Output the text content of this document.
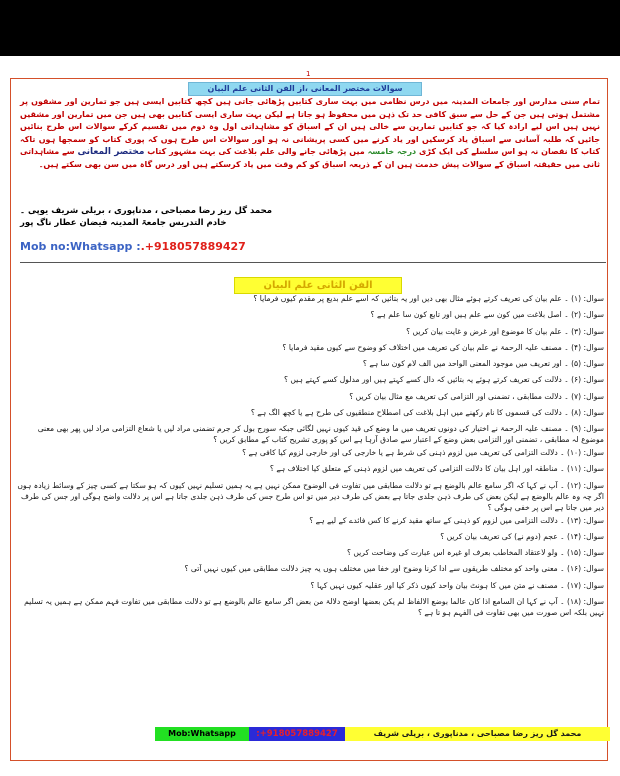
1
سوالات مختصر المعانی ،از الفن الثانی علم البیان
تمام سنی مدارس اور جامعات المدینہ میں درس نظامی میں بہت ساری کتابیں پڑھائی جاتی ہیں کچھ کتابیں ایسی ہیں جو تمارین اور مشقوں پر مشتمل ہوتی ہیں جن کے حل سے سبق کافی حد تک ذہن میں محفوظ ہو جاتا ہے لیکن بہت ساری ایسی کتابیں بھی ہیں جن میں تمارین اور مشقیں نہیں ہیں اس لیے ارادہ کیا کہ جو کتابیں تمارین سے خالی ہیں ان کے اسباق کو مشاہداتی اول وہ دوم میں تقسیم کرکے سوالات اس طرح بنائیں جائیں کہ طلبہ آسانی سے اسباق یاد کرسکیں اور یاد کرنے میں کسی پریشانی نہ ہو اور سوالات اس طرح ہوں کہ پوری کتاب کو سمجھا ہوں تاکہ کتاب کا نقصان نہ ہو اس سلسلے کی ایک کڑی درجہ خامسہ میں پڑھائی جانے والی علم بلاغت کی بہت مشہور کتاب مختصر المعانی سے مشاہداتی ثانی میں حقیقتہ اسباق کے سوالات پیش خدمت ہیں ان کے ذریعہ اسباق کو کم وقت میں یاد کرسکتے ہیں اور درس گاہ میں سن بھی سکتے ہیں۔
محمد گل ریز رضا مصباحی ، مدناپوری ، بریلی شریف یوپی ۔
خادم التدریس جامعۃ المدینہ فیضان عطار ناگ پور
Mob no:Whatsapp :.+918057889427
الفن الثانی علم البیان
سوال: (۱) ۔ علم بیان کی تعریف کرتے ہوئے مثال بھی دیں اور یہ بتائیں کہ اسے علم بدیع پر مقدم کیوں فرمایا ؟
سوال: (۲) ۔ اصل بلاغت میں کون سے علم ہیں اور تابع کون سا علم ہے ؟
سوال: (۳) ۔ علم بیان کا موضوع اور غرض و غایت بیان کریں ؟
سوال: (۴) ۔ مصنف علیہ الرحمۃ نے علم بیان کی تعریف میں اختلاف کو وضوح سے کیوں مقید فرمایا ؟
سوال: (۵) ۔ اور تعریف میں موجود المعنی الواحد میں الف لام کون سا ہے ؟
سوال: (۶) ۔ دلالت کی تعریف کرتے ہوئے یہ بتائیں کہ دال کسے کہتے ہیں اور مدلول کسے کہتے ہیں ؟
سوال: (۷) ۔ دلالت مطابقی ، تضمنی اور التزامی کی تعریف مع مثال بیان کریں ؟
سوال: (۸) ۔ دلالت کی قسموں کا نام رکھنے میں اہل بلاغت کی اصطلاح منطقیوں کی طرح ہے یا کچھ الگ ہے ؟
سوال: (۹) ۔ مصنف علیہ الرحمۃ نے اختیار کی دونوں تعریف میں ما وضع کی قید کیوں نہیں لگائی جبکہ سورج بول کر جرم تضمنی مراد لیں یا شعاع التزامی مراد لیں پھر بھی معنی موضوع لہ مطابقی ، تضمنی اور التزامی بعض وضع کے اعتبار سے صادق آرہا ہے اس کو پوری تشریح کتاب کے مطابق کریں ؟
سوال: (۱۰) ۔ دلالت التزامی کی تعریف میں لزوم ذہنی کی شرط ہے یا خارجی کی اور خارجی لزوم کیا کافی ہے ؟
سوال: (۱۱) ۔ مناطقہ اور اہل بیان کا دلالت التزامی کی تعریف میں لزوم ذہنی کے متعلق کیا اختلاف ہے ؟
سوال: (۱۲) ۔ آپ نے کہا کہ اگر سامع عالم بالوضع ہے تو دلالت مطابقی میں تفاوت فی الوضوح ممکن نہیں ہے یہ ہمیں تسلیم نہیں کیوں کہ ہو سکتا ہے کسی چیز کے وسائط زیادہ ہوں اگر چہ وہ عالم بالوضع ہے لیکن بعض کی طرف ذہن جلدی جاتا ہے بعض کی طرف دیر میں تو اس طرح جس کی طرف ذہن جلدی جاتا ہے اس پر دلالت واضح ہوگی اور جس کی طرف دیر میں جاتا ہے اس پر خفی ہوگی ؟
سوال: (۱۳) ۔ دلالت التزامی میں لزوم کو ذہنی کے ساتھ مقید کرنے کا کس فائدے کے لیے ہے ؟
سوال: (۱۴) ۔ عجم (دوم نے) کی تعریف بیان کریں ؟
سوال: (۱۵) ۔ ولو لاعتقاد المخاطب بعرف او غیرہ اس عبارت کی وضاحت کریں ؟
سوال: (۱۶) ۔ معنی واحد کو مختلف طریقوں سے ادا کرنا وضوح اور خفا میں مختلف ہوں یہ چیز دلالت مطابقی میں کیوں نہیں آتی ؟
سوال: (۱۷) ۔ مصنف نے متن میں کا ہونٹ بیان واحد کیوں ذکر کیا اور عقلیہ کیوں نہیں کہا ؟
سوال: (۱۸) ۔ آپ نے کہا ان السامع اذا کان عالما بوضع الالفاظ لم یکن بعضھا اوضح دلالۃ من بعض اگر سامع عالم بالوضع ہے تو دلالت مطابقی میں تفاوت فہم ممکن ہے ہمیں یہ تسلیم نہیں بلکہ اس صورت میں بھی تفاوت فی الفہم ہو تا ہے ؟
Mob:Whatsapp	:+918057889427	محمد گل ریز رضا مصباحی ، مدناپوری ، بریلی شریف
